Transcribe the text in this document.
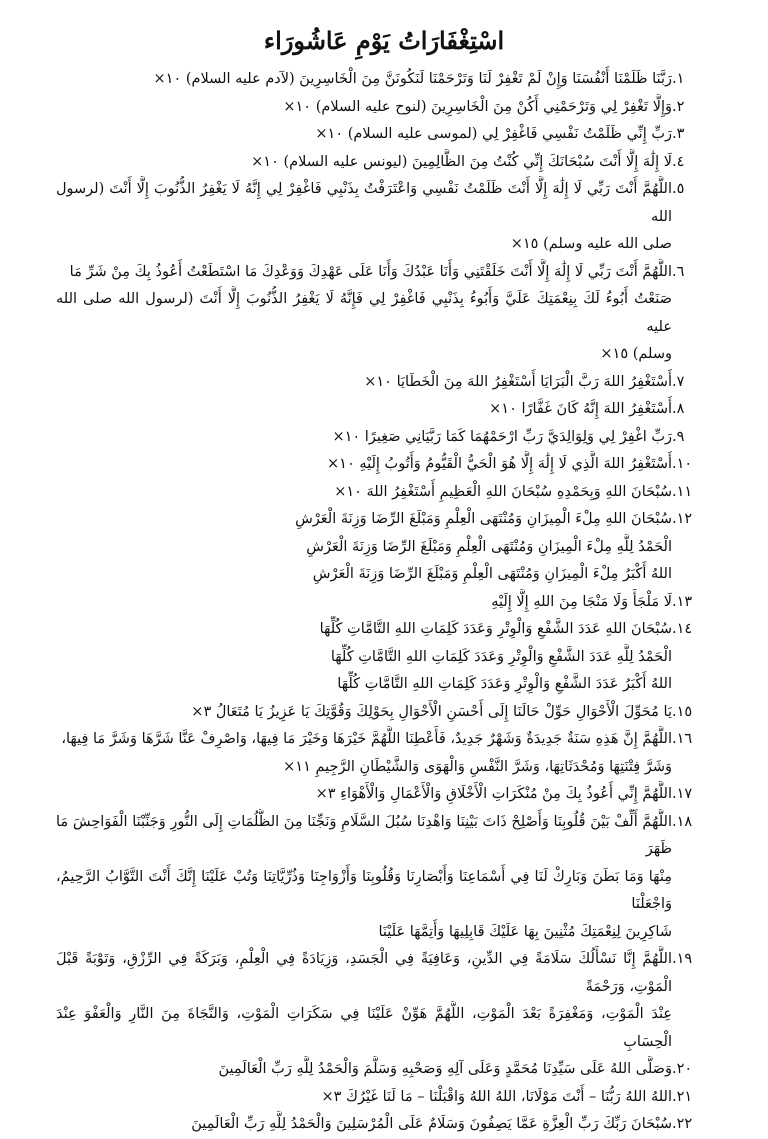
اسْتِغْفَارَاتُ يَوْمِ عَاشُورَاء
١.
رَبَّنَا ظَلَمْنَا أَنْفُسَنَا وَإِنْ لَمْ تَغْفِرْ لَنَا وَتَرْحَمْنَا لَنَكُونَنَّ مِنَ الْخَاسِرِينَ (لآدم عليه السلام) ١٠×
٢.
وَإِلَّا تَغْفِرْ لِي وَتَرْحَمْنِي أَكُنْ مِنَ الْخَاسِرِينَ (لنوح عليه السلام) ١٠×
٣.
رَبِّ إِنِّي ظَلَمْتُ نَفْسِي فَاغْفِرْ لِي (لموسى عليه السلام) ١٠×
٤.
لَا إِلَٰهَ إِلَّا أَنْتَ سُبْحَانَكَ إِنِّي كُنْتُ مِنَ الظَّالِمِينَ (ليونس عليه السلام) ١٠×
٥.
اللَّهُمَّ أَنْتَ رَبِّي لَا إِلَٰهَ إِلَّا أَنْتَ ظَلَمْتُ نَفْسِي وَاعْتَرَفْتُ بِذَنْبِي فَاغْفِرْ لِي إِنَّهُ لَا يَغْفِرُ الذُّنُوبَ إِلَّا أَنْتَ (لرسول الله
صلى الله عليه وسلم) ١٥×
٦.
اللَّهُمَّ أَنْتَ رَبِّي لَا إِلَٰهَ إِلَّا أَنْتَ خَلَقْتَنِي وَأَنَا عَبْدُكَ وَأَنَا عَلَى عَهْدِكَ وَوَعْدِكَ مَا اسْتَطَعْتُ أَعُوذُ بِكَ مِنْ شَرِّ مَا
صَنَعْتُ أَبُوءُ لَكَ بِنِعْمَتِكَ عَلَيَّ وَأَبُوءُ بِذَنْبِي فَاغْفِرْ لِي فَإِنَّهُ لَا يَغْفِرُ الذُّنُوبَ إِلَّا أَنْتَ (لرسول الله صلى الله عليه
وسلم) ١٥×
٧.
أَسْتَغْفِرُ اللهَ رَبَّ الْبَرَايَا أَسْتَغْفِرُ اللهَ مِنَ الْخَطَايَا ١٠×
٨.
أَسْتَغْفِرُ اللهَ إِنَّهُ كَانَ غَفَّارًا ١٠×
٩.
رَبِّ اغْفِرْ لِي وَلِوَالِدَيَّ رَبِّ ارْحَمْهُمَا كَمَا رَبَّيَانِي صَغِيرًا ١٠×
١٠.
أَسْتَغْفِرُ اللهَ الَّذِي لَا إِلَٰهَ إِلَّا هُوَ الْحَيُّ الْقَيُّومُ وَأَتُوبُ إِلَيْهِ ١٠×
١١.
سُبْحَانَ اللهِ وَبِحَمْدِهِ سُبْحَانَ اللهِ الْعَظِيمِ أَسْتَغْفِرُ اللهَ ١٠×
١٢.
سُبْحَانَ اللهِ مِلْءَ الْمِيزَانِ وَمُنْتَهَى الْعِلْمِ وَمَبْلَغَ الرِّضَا وَزِنَةَ الْعَرْشِ
الْحَمْدُ لِلَّهِ مِلْءَ الْمِيزَانِ وَمُنْتَهَى الْعِلْمِ وَمَبْلَغَ الرِّضَا وَزِنَةَ الْعَرْشِ
اللهُ أَكْبَرُ مِلْءَ الْمِيزَانِ وَمُنْتَهَى الْعِلْمِ وَمَبْلَغَ الرِّضَا وَزِنَةَ الْعَرْشِ
١٣.
لَا مَلْجَأَ وَلَا مَنْجَا مِنَ اللهِ إِلَّا إِلَيْهِ
١٤.
سُبْحَانَ اللهِ عَدَدَ الشَّفْعِ وَالْوِتْرِ وَعَدَدَ كَلِمَاتِ اللهِ التَّامَّاتِ كُلِّهَا
الْحَمْدُ لِلَّهِ عَدَدَ الشَّفْعِ وَالْوِتْرِ وَعَدَدَ كَلِمَاتِ اللهِ التَّامَّاتِ كُلِّهَا
اللهُ أَكْبَرُ عَدَدَ الشَّفْعِ وَالْوِتْرِ وَعَدَدَ كَلِمَاتِ اللهِ التَّامَّاتِ كُلِّهَا
١٥.
يَا مُحَوِّلَ الْأَحْوَالِ حَوِّلْ حَالَنَا إِلَى أَحْسَنِ الْأَحْوَالِ بِحَوْلِكَ وَقُوَّتِكَ يَا عَزِيزُ يَا مُتَعَالُ ٣×
١٦.
اللَّهُمَّ إِنَّ هَذِهِ سَنَةٌ جَدِيدَةٌ وَشَهْرٌ جَدِيدٌ، فَأَعْطِنَا اللَّهُمَّ خَيْرَهَا وَخَيْرَ مَا فِيهَا، وَاصْرِفْ عَنَّا شَرَّهَا وَشَرَّ مَا فِيهَا،
وَشَرَّ فِتْنَتِهَا وَمُحْدَثَاتِهَا، وَشَرَّ النَّفْسِ وَالْهَوَى وَالشَّيْطَانِ الرَّجِيمِ ١١×
١٧.
اللَّهُمَّ إِنِّي أَعُوذُ بِكَ مِنْ مُنْكَرَاتِ الْأَخْلَاقِ وَالْأَعْمَالِ وَالْأَهْوَاءِ ٣×
١٨.
اللَّهُمَّ أَلِّفْ بَيْنَ قُلُوبِنَا وَأَصْلِحْ ذَاتَ بَيْنِنَا وَاهْدِنَا سُبُلَ السَّلَامِ وَنَجِّنَا مِنَ الظُّلُمَاتِ إِلَى النُّورِ وَجَنِّبْنَا الْفَوَاحِشَ مَا ظَهَرَ
مِنْهَا وَمَا بَطَنَ وَبَارِكْ لَنَا فِي أَسْمَاعِنَا وَأَبْصَارِنَا وَقُلُوبِنَا وَأَزْوَاجِنَا وَذُرِّيَّاتِنَا وَتُبْ عَلَيْنَا إِنَّكَ أَنْتَ التَّوَّابُ الرَّحِيمُ، وَاجْعَلْنَا
شَاكِرِينَ لِنِعْمَتِكَ مُثْنِينَ بِهَا عَلَيْكَ قَابِلِيهَا وَأَتِمَّهَا عَلَيْنَا
١٩.
اللَّهُمَّ إِنَّا نَسْأَلُكَ سَلَامَةً فِي الدِّينِ، وَعَافِيَةً فِي الْجَسَدِ، وَزِيَادَةً فِي الْعِلْمِ، وَبَرَكَةً فِي الرِّزْقِ، وَتَوْبَةً قَبْلَ الْمَوْتِ، وَرَحْمَةً
عِنْدَ الْمَوْتِ، وَمَغْفِرَةً بَعْدَ الْمَوْتِ، اللَّهُمَّ هَوِّنْ عَلَيْنَا فِي سَكَرَاتِ الْمَوْتِ، وَالنَّجَاةَ مِنَ النَّارِ وَالْعَفْوَ عِنْدَ الْحِسَابِ
٢٠.
وَصَلَّى اللهُ عَلَى سَيِّدِنَا مُحَمَّدٍ وَعَلَى آلِهِ وَصَحْبِهِ وَسَلَّمَ وَالْحَمْدُ لِلَّهِ رَبِّ الْعَالَمِينَ
٢١.
اللهُ اللهُ رَبُّنَا – أَنْتَ مَوْلَانَا، اللهُ اللهُ وَاقْبَلْنَا – مَا لَنَا غَيْرُكَ ٣×
٢٢.
سُبْحَانَ رَبِّكَ رَبِّ الْعِزَّةِ عَمَّا يَصِفُونَ وَسَلَامٌ عَلَى الْمُرْسَلِينَ وَالْحَمْدُ لِلَّهِ رَبِّ الْعَالَمِينَ
